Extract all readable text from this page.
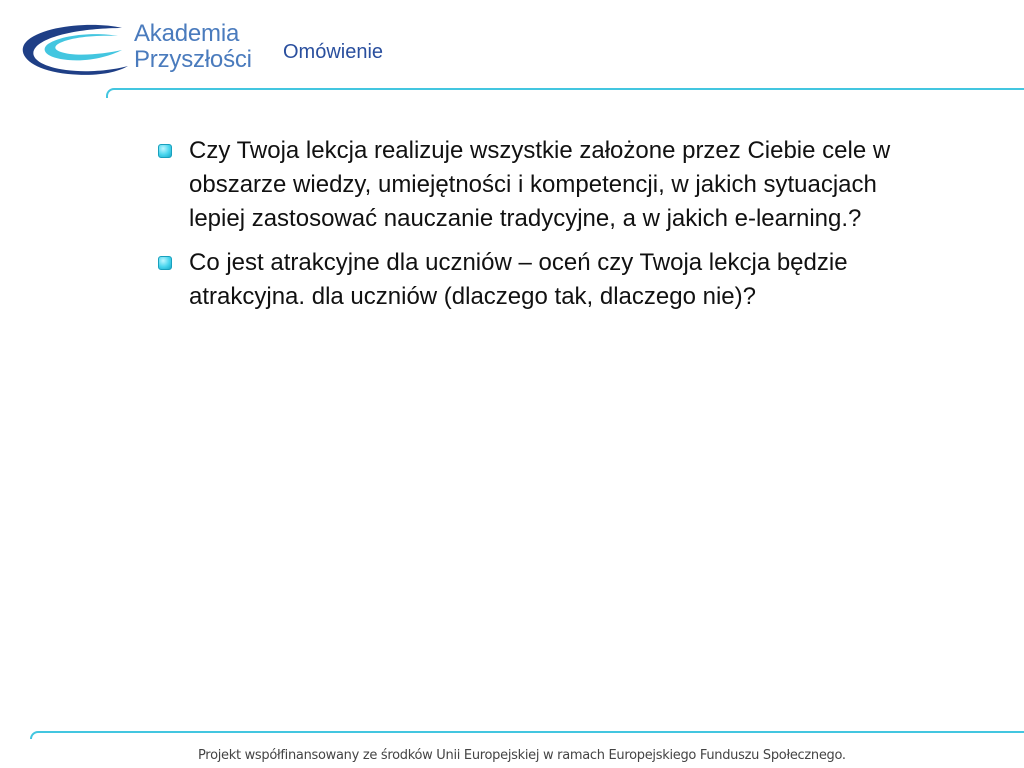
Akademia
Przyszłości Omówienie
Czy Twoja lekcja realizuje wszystkie założone przez Ciebie cele w obszarze wiedzy, umiejętności i kompetencji, w jakich sytuacjach lepiej zastosować nauczanie tradycyjne, a w jakich e-learning.?
Co jest atrakcyjne dla uczniów – oceń czy Twoja lekcja będzie atrakcyjna. dla uczniów (dlaczego tak, dlaczego nie)?
Projekt współfinansowany ze środków Unii Europejskiej w ramach Europejskiego Funduszu Społecznego.
